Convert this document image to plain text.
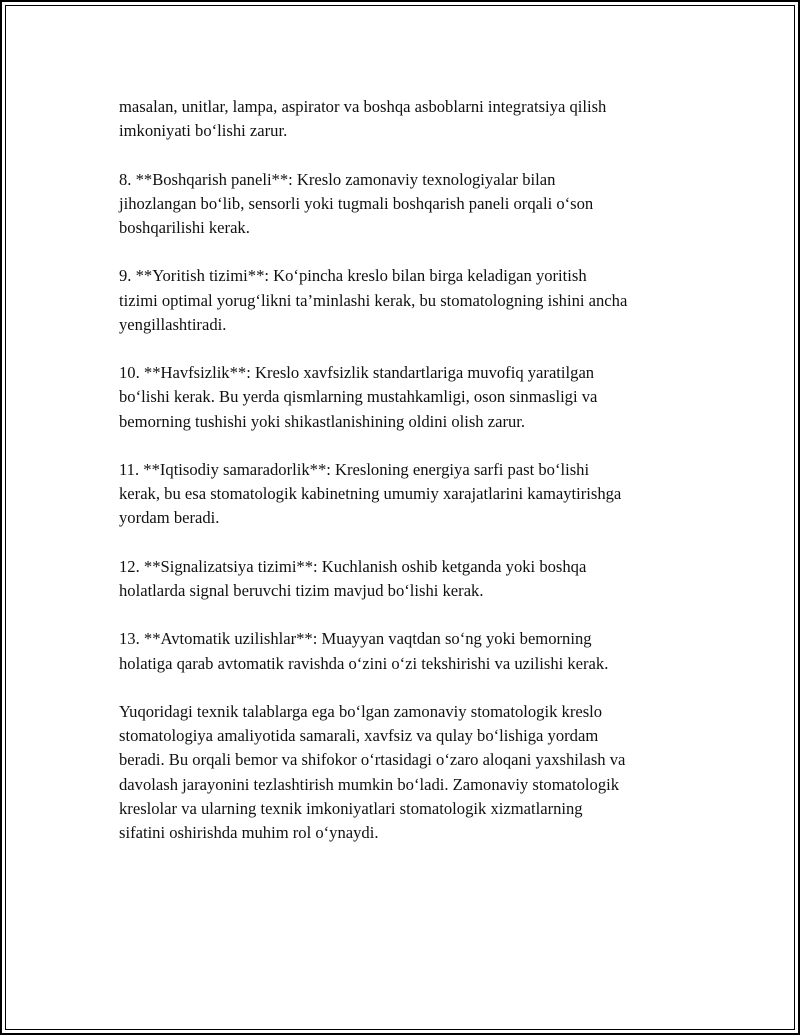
masalan, unitlar, lampa, aspirator va boshqa asboblarni integratsiya qilish
imkoniyati bo‘lishi zarur.

8. **Boshqarish paneli**: Kreslo zamonaviy texnologiyalar bilan
jihozlangan bo‘lib, sensorli yoki tugmali boshqarish paneli orqali o‘son
boshqarilishi kerak.

9. **Yoritish tizimi**: Ko‘pincha kreslo bilan birga keladigan yoritish
tizimi optimal yorug‘likni ta’minlashi kerak, bu stomatologning ishini ancha
yengillashtiradi.

10. **Havfsizlik**: Kreslo xavfsizlik standartlariga muvofiq yaratilgan
bo‘lishi kerak. Bu yerda qismlarning mustahkamligi, oson sinmasligi va
bemorning tushishi yoki shikastlanishining oldini olish zarur.

11. **Iqtisodiy samaradorlik**: Kresloning energiya sarfi past bo‘lishi
kerak, bu esa stomatologik kabinetning umumiy xarajatlarini kamaytirishga
yordam beradi.

12. **Signalizatsiya tizimi**: Kuchlanish oshib ketganda yoki boshqa
holatlarda signal beruvchi tizim mavjud bo‘lishi kerak.

13. **Avtomatik uzilishlar**: Muayyan vaqtdan so‘ng yoki bemorning
holatiga qarab avtomatik ravishda o‘zini o‘zi tekshirishi va uzilishi kerak.

Yuqoridagi texnik talablarga ega bo‘lgan zamonaviy stomatologik kreslo
stomatologiya amaliyotida samarali, xavfsiz va qulay bo‘lishiga yordam
beradi. Bu orqali bemor va shifokor o‘rtasidagi o‘zaro aloqani yaxshilash va
davolash jarayonini tezlashtirish mumkin bo‘ladi. Zamonaviy stomatologik
kreslolar va ularning texnik imkoniyatlari stomatologik xizmatlarning
sifatini oshirishda muhim rol o‘ynaydi.
